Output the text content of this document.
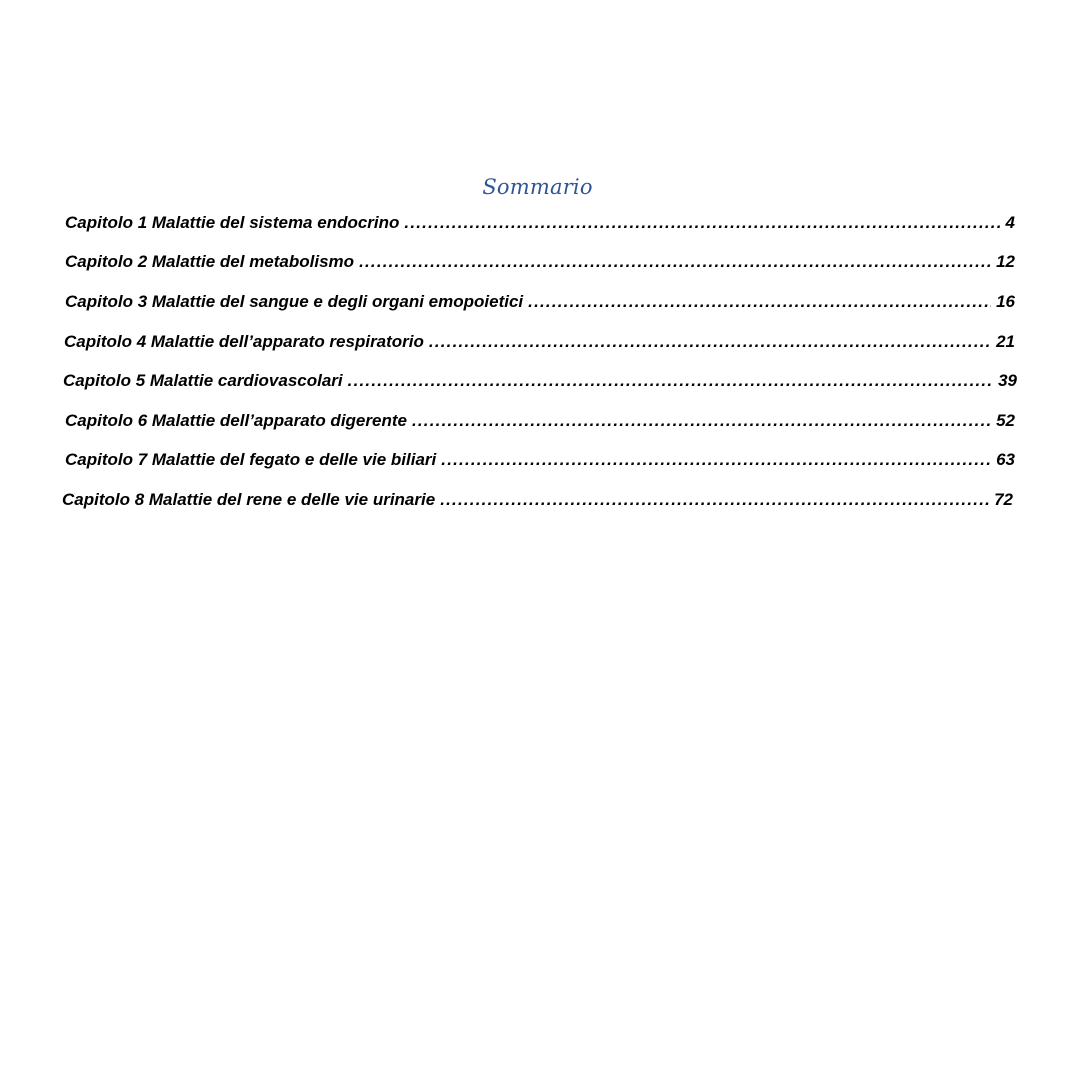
Sommario
Capitolo 1 Malattie del sistema endocrino .....	4
Capitolo 2 Malattie del metabolismo .....	12
Capitolo 3 Malattie del sangue e degli organi emopoietici .....	16
Capitolo 4 Malattie dell’apparato respiratorio .....	21
Capitolo 5 Malattie cardiovascolari .....	39
Capitolo 6 Malattie dell’apparato digerente .....	52
Capitolo 7 Malattie del fegato e delle vie biliari .....	63
Capitolo 8 Malattie del rene e delle vie urinarie .....	72
